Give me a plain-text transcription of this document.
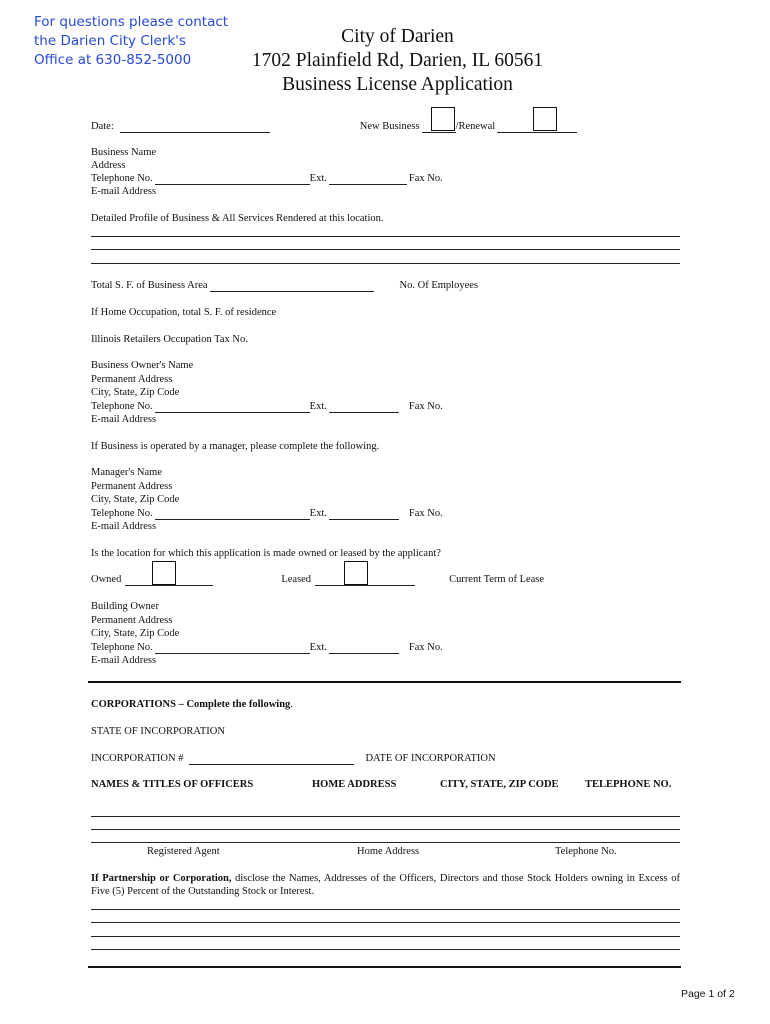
For questions please contact
the Darien City Clerk's
Office at 630-852-5000
City of Darien
1702 Plainfield Rd, Darien, IL 60561
Business License Application
Date:	New Business	/Renewal
Business Name
Address
Telephone No.	Ext.	Fax No.
E-mail Address
Detailed Profile of Business & All Services Rendered at this location.
Total S. F. of Business Area	No. Of Employees
If Home Occupation, total S. F. of residence
Illinois Retailers Occupation Tax No.
Business Owner's Name
Permanent Address
City, State, Zip Code
Telephone No.	Ext.	Fax No.
E-mail Address
If Business is operated by a manager, please complete the following.
Manager's Name
Permanent Address
City, State, Zip Code
Telephone No.	Ext.	Fax No.
E-mail Address
Is the location for which this application is made owned or leased by the applicant?
Owned	Leased	Current Term of Lease
Building Owner
Permanent Address
City, State, Zip Code
Telephone No.	Ext.	Fax No.
E-mail Address
CORPORATIONS – Complete the following .
STATE OF INCORPORATION
INCORPORATION #	DATE OF INCORPORATION
NAMES & TITLES OF OFFICERS	HOME ADDRESS	CITY, STATE, ZIP CODE	TELEPHONE NO.
Registered Agent	Home Address	Telephone No.
If Partnership or Corporation, disclose the Names, Addresses of the Officers, Directors and those Stock Holders owning in Excess of Five (5) Percent of the Outstanding Stock or Interest.
Page 1 of 2
